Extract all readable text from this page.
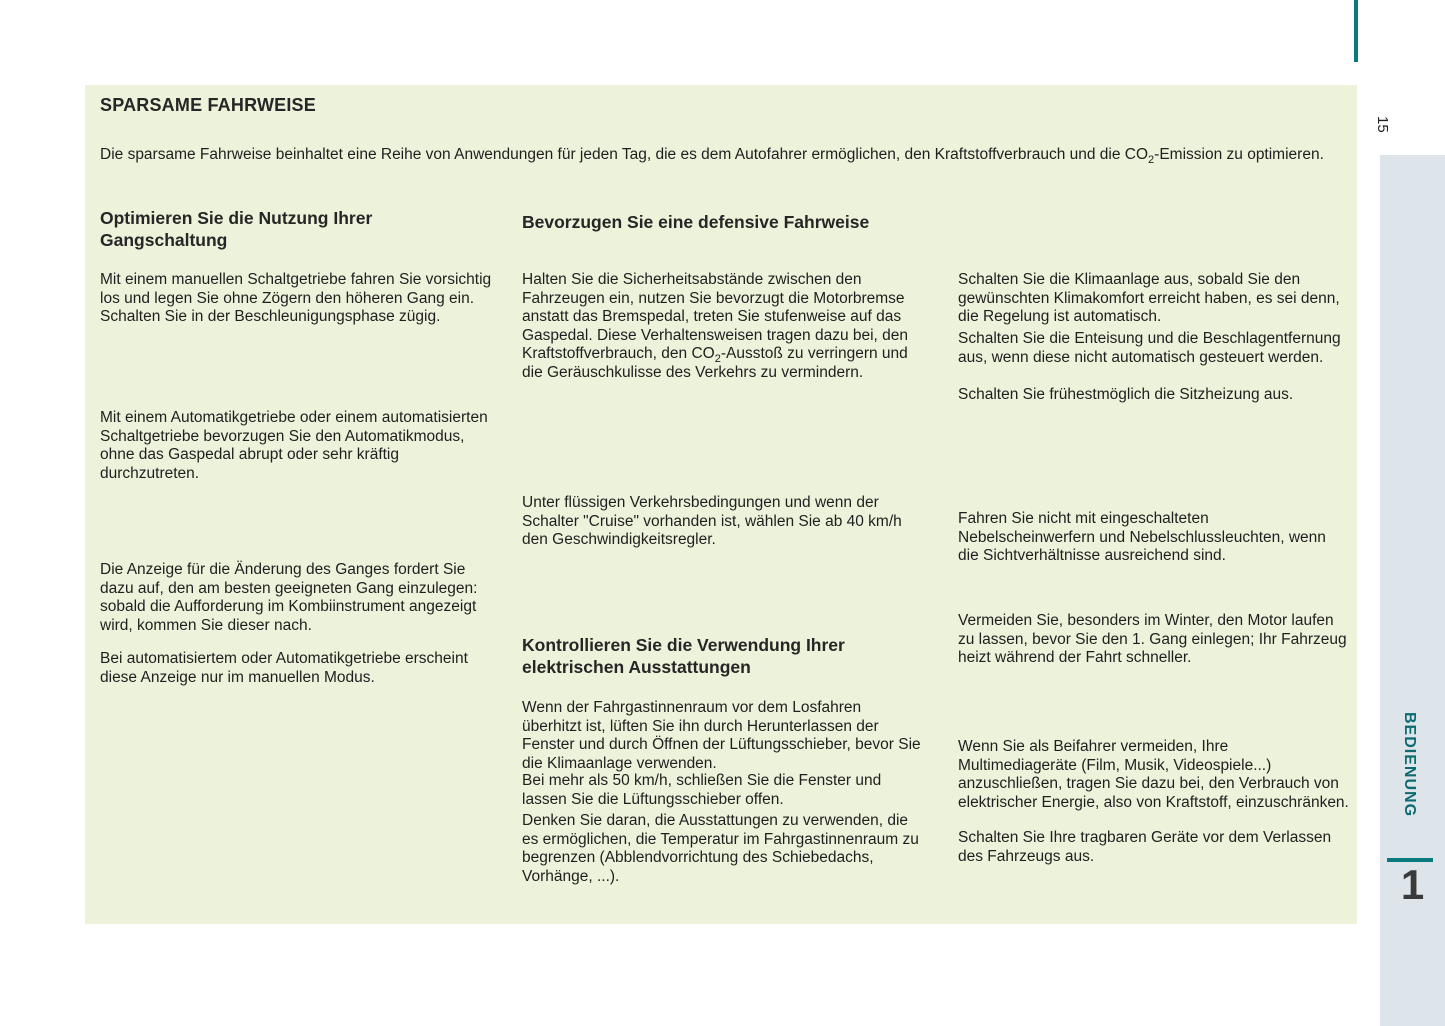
15
BEDIENUNG
1
SPARSAME FAHRWEISE

Die sparsame Fahrweise beinhaltet eine Reihe von Anwendungen für jeden Tag, die es dem Autofahrer ermöglichen, den Kraftstoffverbrauch und die $CO_2$-Emission zu optimieren.

Optimieren Sie die Nutzung Ihrer Gangschaltung

Mit einem manuellen Schaltgetriebe fahren Sie vorsichtig los und legen Sie ohne Zögern den höheren Gang ein. Schalten Sie in der Beschleunigungsphase zügig.

Mit einem Automatikgetriebe oder einem automatisierten Schaltgetriebe bevorzugen Sie den Automatikmodus, ohne das Gaspedal abrupt oder sehr kräftig durchzutreten.

Die Anzeige für die Änderung des Ganges fordert Sie dazu auf, den am besten geeigneten Gang einzulegen: sobald die Aufforderung im Kombiinstrument angezeigt wird, kommen Sie dieser nach.

Bei automatisiertem oder Automatikgetriebe erscheint diese Anzeige nur im manuellen Modus.

Bevorzugen Sie eine defensive Fahrweise

Halten Sie die Sicherheitsabstände zwischen den Fahrzeugen ein, nutzen Sie bevorzugt die Motorbremse anstatt das Bremspedal, treten Sie stufenweise auf das Gaspedal. Diese Verhaltensweisen tragen dazu bei, den Kraftstoffverbrauch, den $CO_2$-Ausstoß zu verringern und die Geräuschkulisse des Verkehrs zu vermindern.

Unter flüssigen Verkehrsbedingungen und wenn der Schalter "Cruise" vorhanden ist, wählen Sie ab 40 km/h den Geschwindigkeitsregler.

Kontrollieren Sie die Verwendung Ihrer elektrischen Ausstattungen

Wenn der Fahrgastinnenraum vor dem Losfahren überhitzt ist, lüften Sie ihn durch Herunterlassen der Fenster und durch Öffnen der Lüftungsschieber, bevor Sie die Klimaanlage verwenden.

Bei mehr als 50 km/h, schließen Sie die Fenster und lassen Sie die Lüftungsschieber offen.

Denken Sie daran, die Ausstattungen zu verwenden, die es ermöglichen, die Temperatur im Fahrgastinnenraum zu begrenzen (Abblendvorrichtung des Schiebedachs, Vorhänge, ...).

Schalten Sie die Klimaanlage aus, sobald Sie den gewünschten Klimakomfort erreicht haben, es sei denn, die Regelung ist automatisch.

Schalten Sie die Enteisung und die Beschlagentfernung aus, wenn diese nicht automatisch gesteuert werden.

Schalten Sie frühestmöglich die Sitzheizung aus.

Fahren Sie nicht mit eingeschalteten Nebelscheinwerfern und Nebelschlussleuchten, wenn die Sichtverhältnisse ausreichend sind.

Vermeiden Sie, besonders im Winter, den Motor laufen zu lassen, bevor Sie den 1. Gang einlegen; Ihr Fahrzeug heizt während der Fahrt schneller.

Wenn Sie als Beifahrer vermeiden, Ihre Multimediageräte (Film, Musik, Videospiele...) anzuschließen, tragen Sie dazu bei, den Verbrauch von elektrischer Energie, also von Kraftstoff, einzuschränken.

Schalten Sie Ihre tragbaren Geräte vor dem Verlassen des Fahrzeugs aus.
